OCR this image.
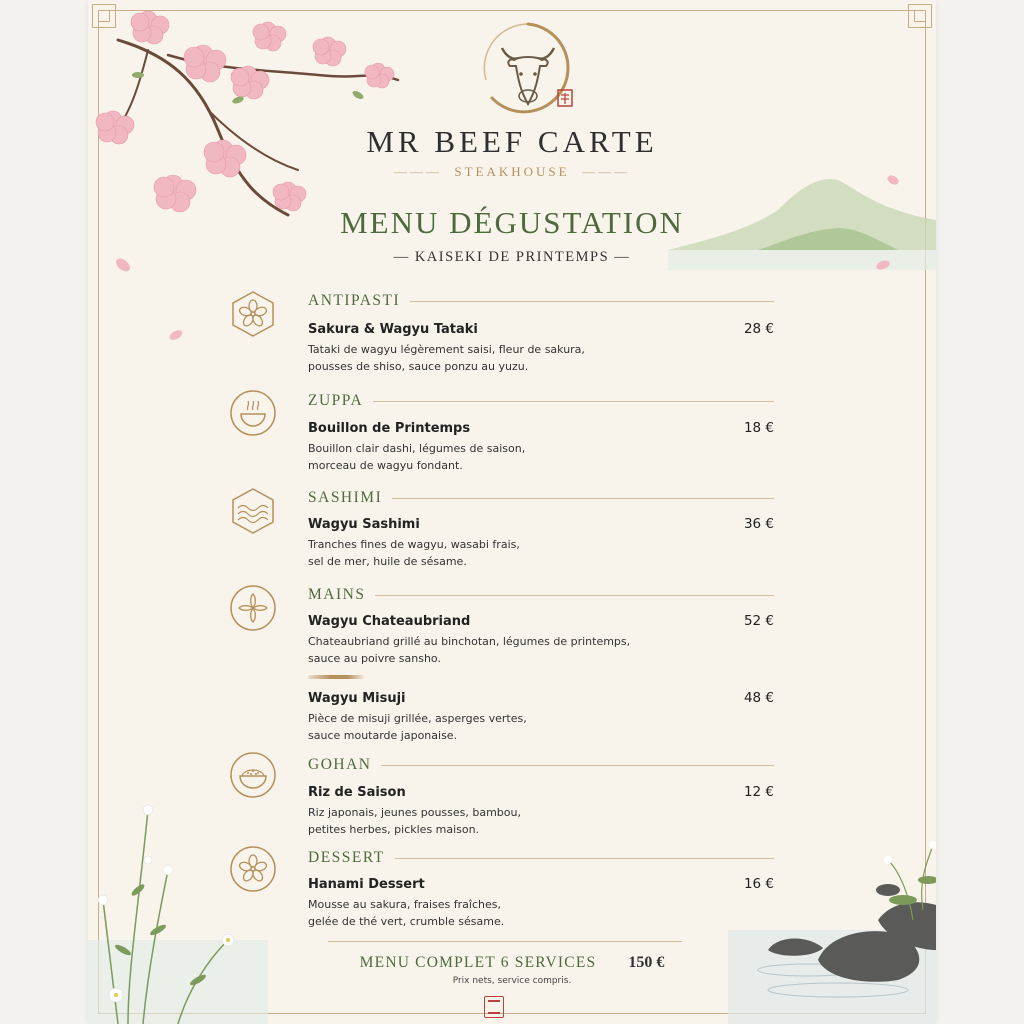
MR BEEF CARTE
———  STEAKHOUSE  ———
MENU DÉGUSTATION
— KAISEKI DE PRINTEMPS —
ANTIPASTI
Sakura & Wagyu Tataki	28 €
Tataki de wagyu légèrement saisi, fleur de sakura,
pousses de shiso, sauce ponzu au yuzu.
ZUPPA
Bouillon de Printemps	18 €
Bouillon clair dashi, légumes de saison,
morceau de wagyu fondant.
SASHIMI
Wagyu Sashimi	36 €
Tranches fines de wagyu, wasabi frais,
sel de mer, huile de sésame.
MAINS
Wagyu Chateaubriand	52 €
Chateaubriand grillé au binchotan, légumes de printemps,
sauce au poivre sansho.
Wagyu Misuji	48 €
Pièce de misuji grillée, asperges vertes,
sauce moutarde japonaise.
GOHAN
Riz de Saison	12 €
Riz japonais, jeunes pousses, bambou,
petites herbes, pickles maison.
DESSERT
Hanami Dessert	16 €
Mousse au sakura, fraises fraîches,
gelée de thé vert, crumble sésame.
MENU COMPLET 6 SERVICES 150 €
Prix nets, service compris.
